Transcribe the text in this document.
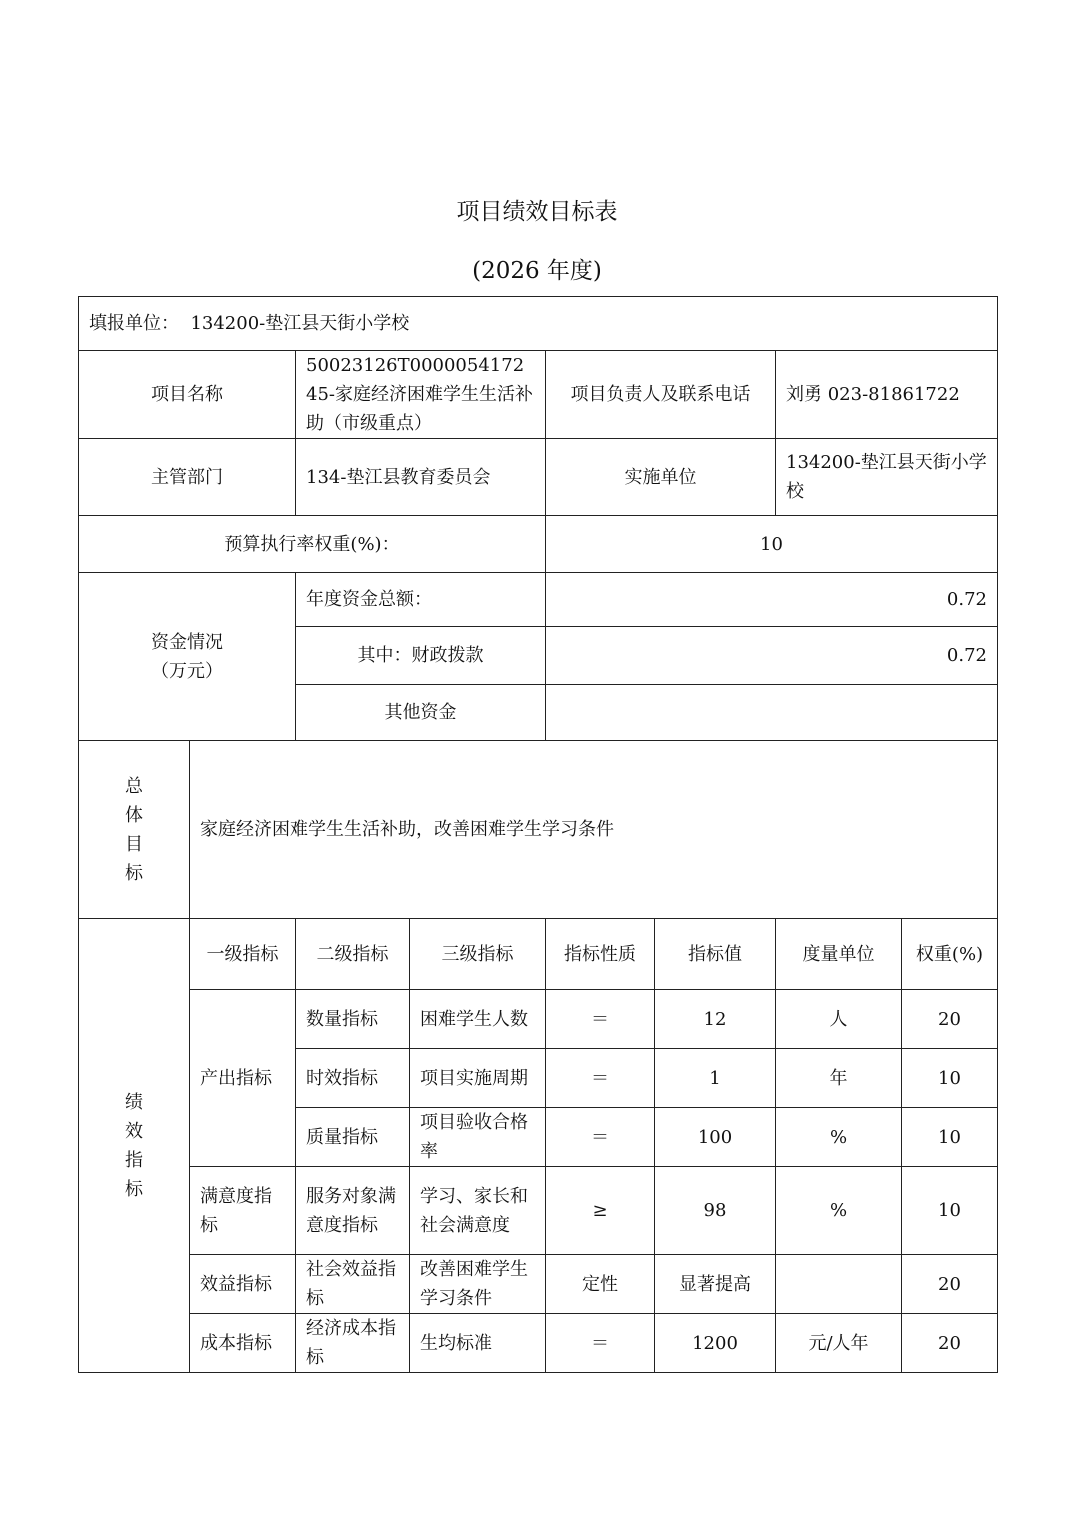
项目绩效目标表
(2026 年度)
填报单位： 134200-垫江县天街小学校							
项目名称		50023126T000005417245-家庭经济困难学生生活补助（市级重点）		项目负责人及联系电话		刘勇 023-81861722	
主管部门		134-垫江县教育委员会		实施单位		134200-垫江县天街小学校	
预算执行率权重(%)：				10			
资金情况
（万元）		年度资金总额：		0.72			
		其中：财政拨款		0.72			
		其他资金					

总
体
目
标	家庭经济困难学生生活补助，改善困难学生学习条件						

绩
效
指
标	一级指标	二级指标	三级指标	指标性质	指标值	度量单位	权重(%)
	产出指标	数量指标	困难学生人数	＝	12	人	20
		时效指标	项目实施周期	＝	1	年	10
		质量指标	项目验收合格率	＝	100	%	10
	满意度指标	服务对象满意度指标	学习、家长和社会满意度	≥	98	%	10
	效益指标	社会效益指标	改善困难学生学习条件	定性	显著提高		20
	成本指标	经济成本指标	生均标准	＝	1200	元/人年	20
